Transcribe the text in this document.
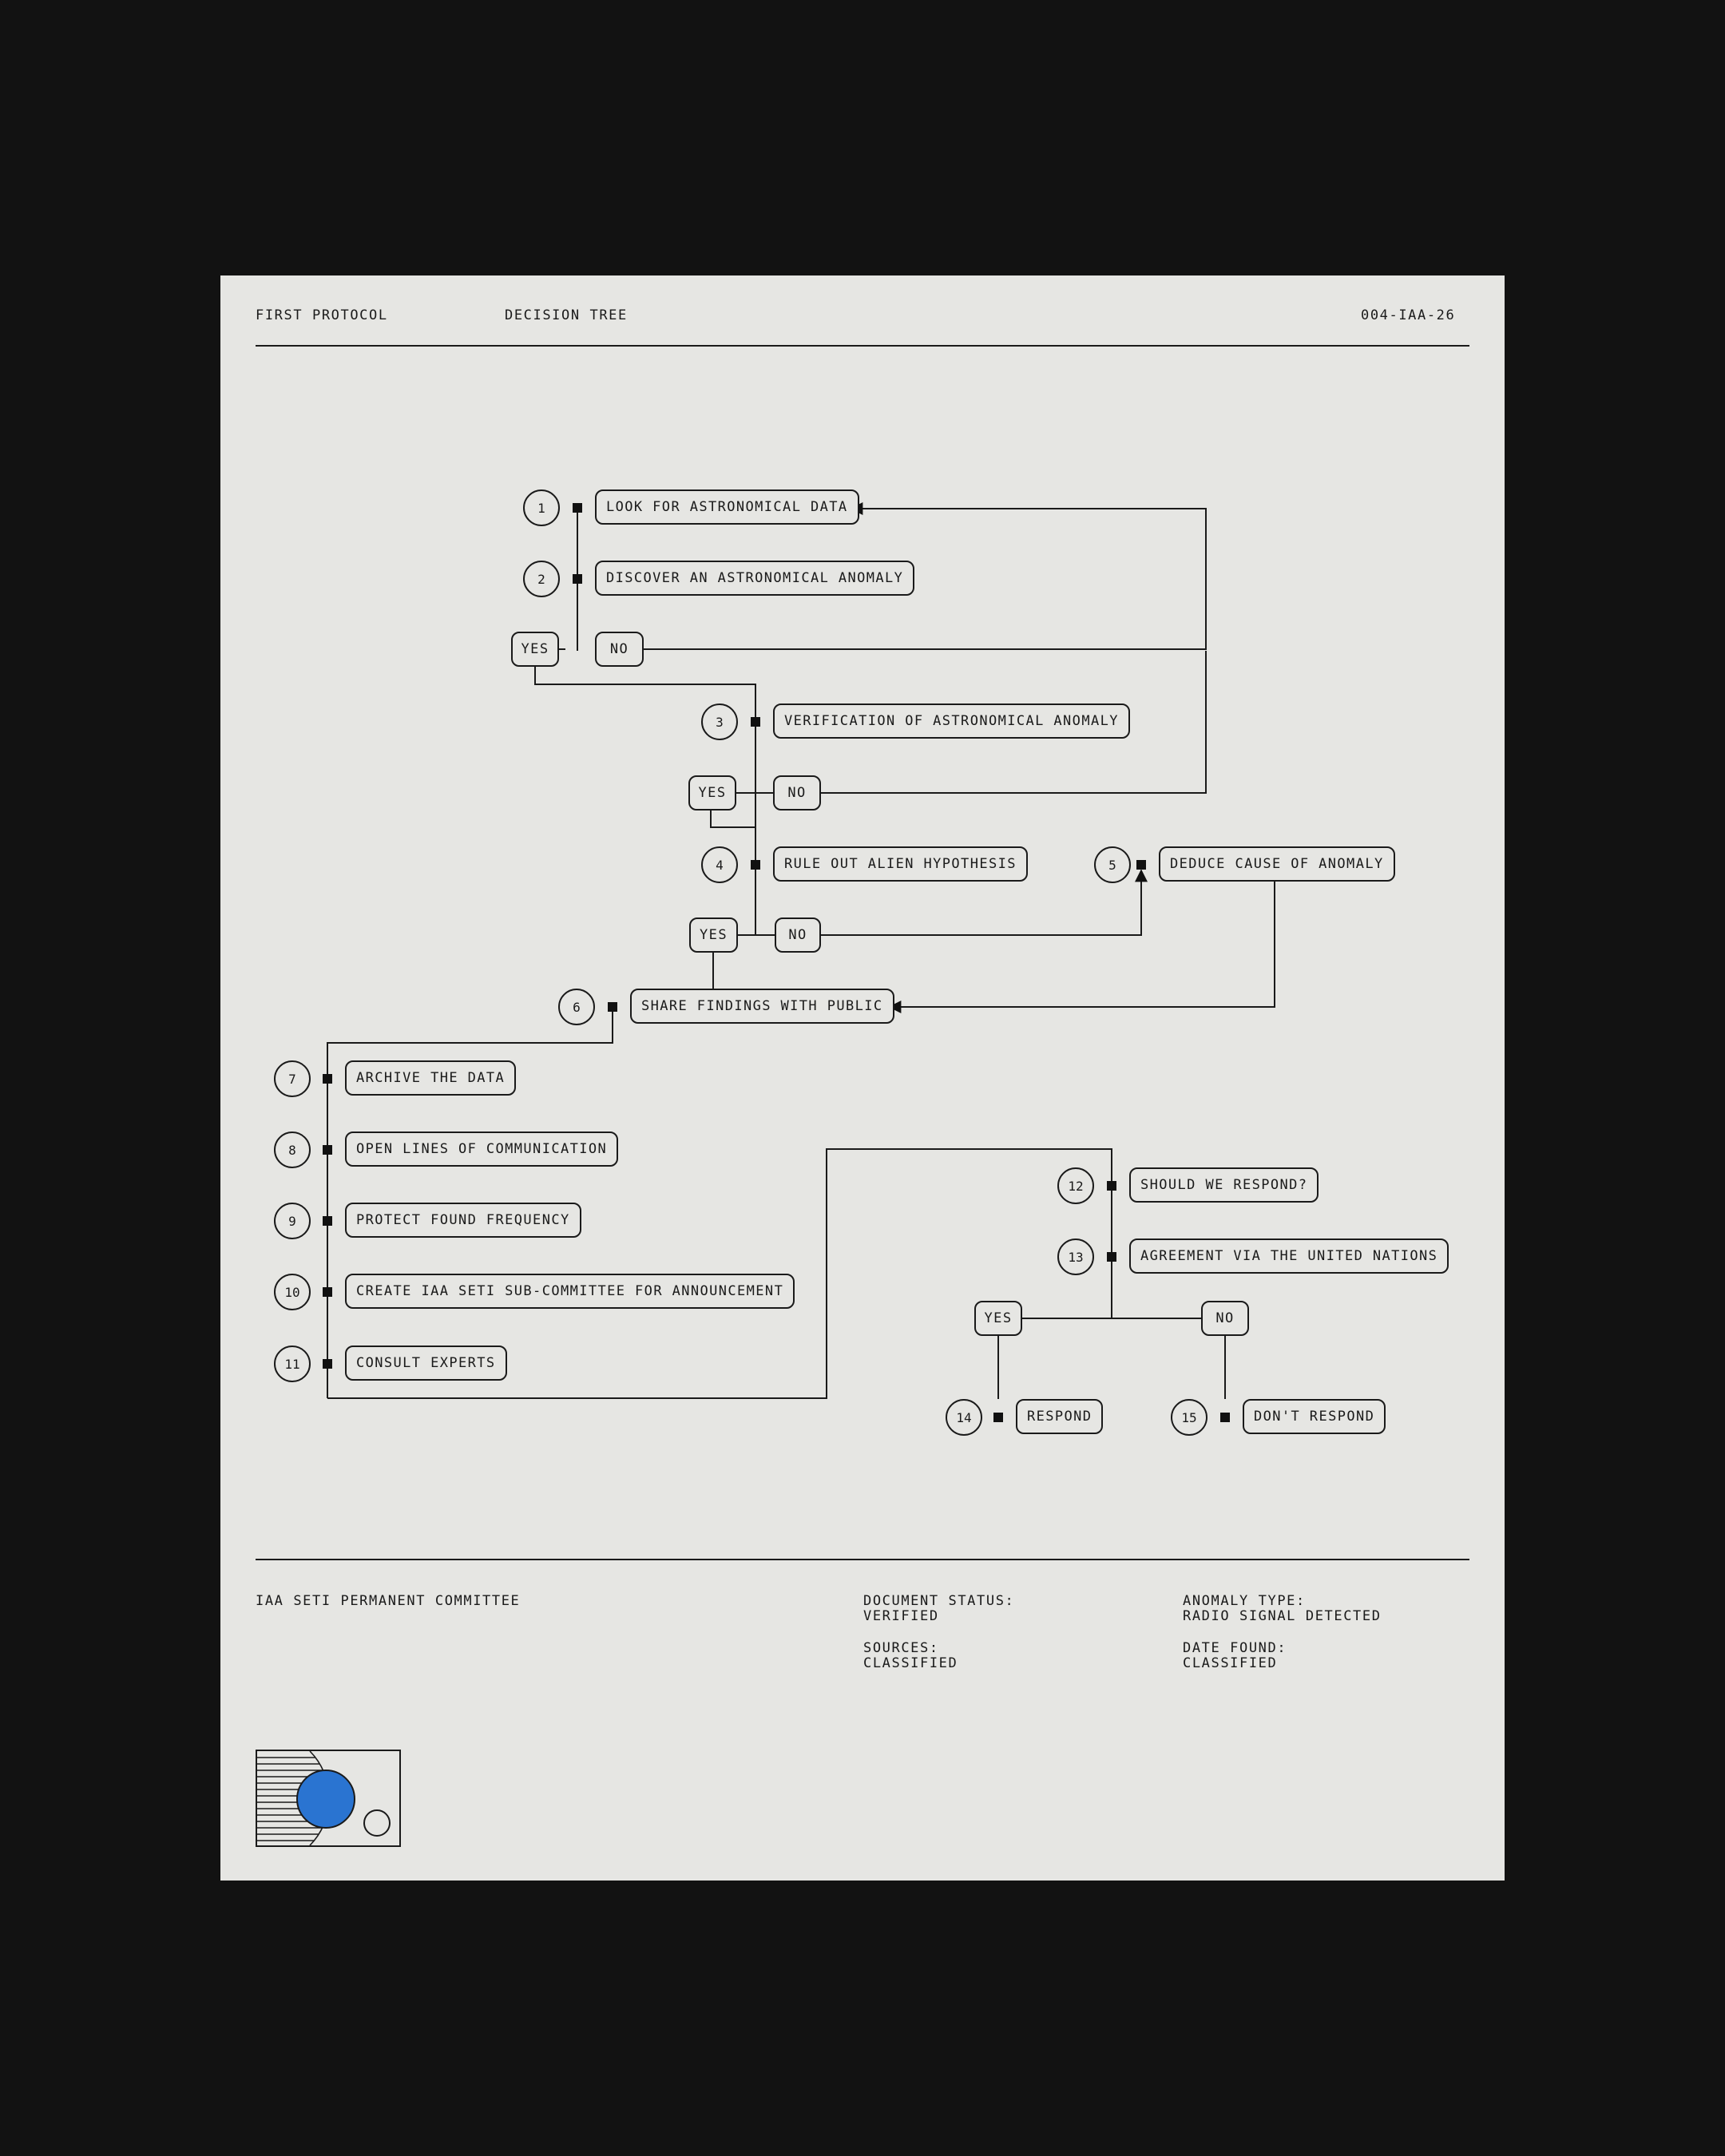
FIRST PROTOCOL	DECISION TREE	004-IAA-26
1	LOOK FOR ASTRONOMICAL DATA
2	DISCOVER AN ASTRONOMICAL ANOMALY
YES	NO
3	VERIFICATION OF ASTRONOMICAL ANOMALY
YES	NO
4	RULE OUT ALIEN HYPOTHESIS	5	DEDUCE CAUSE OF ANOMALY
YES	NO
6	SHARE FINDINGS WITH PUBLIC
7	ARCHIVE THE DATA
8	OPEN LINES OF COMMUNICATION
9	PROTECT FOUND FREQUENCY
10	CREATE IAA SETI SUB-COMMITTEE FOR ANNOUNCEMENT
11	CONSULT EXPERTS
12	SHOULD WE RESPOND?
13	AGREEMENT VIA THE UNITED NATIONS
YES	NO
14	RESPOND	15	DON'T RESPOND
IAA SETI PERMANENT COMMITTEE	DOCUMENT STATUS:
VERIFIED
SOURCES:
CLASSIFIED
ANOMALY TYPE:
RADIO SIGNAL DETECTED
DATE FOUND:
CLASSIFIED
